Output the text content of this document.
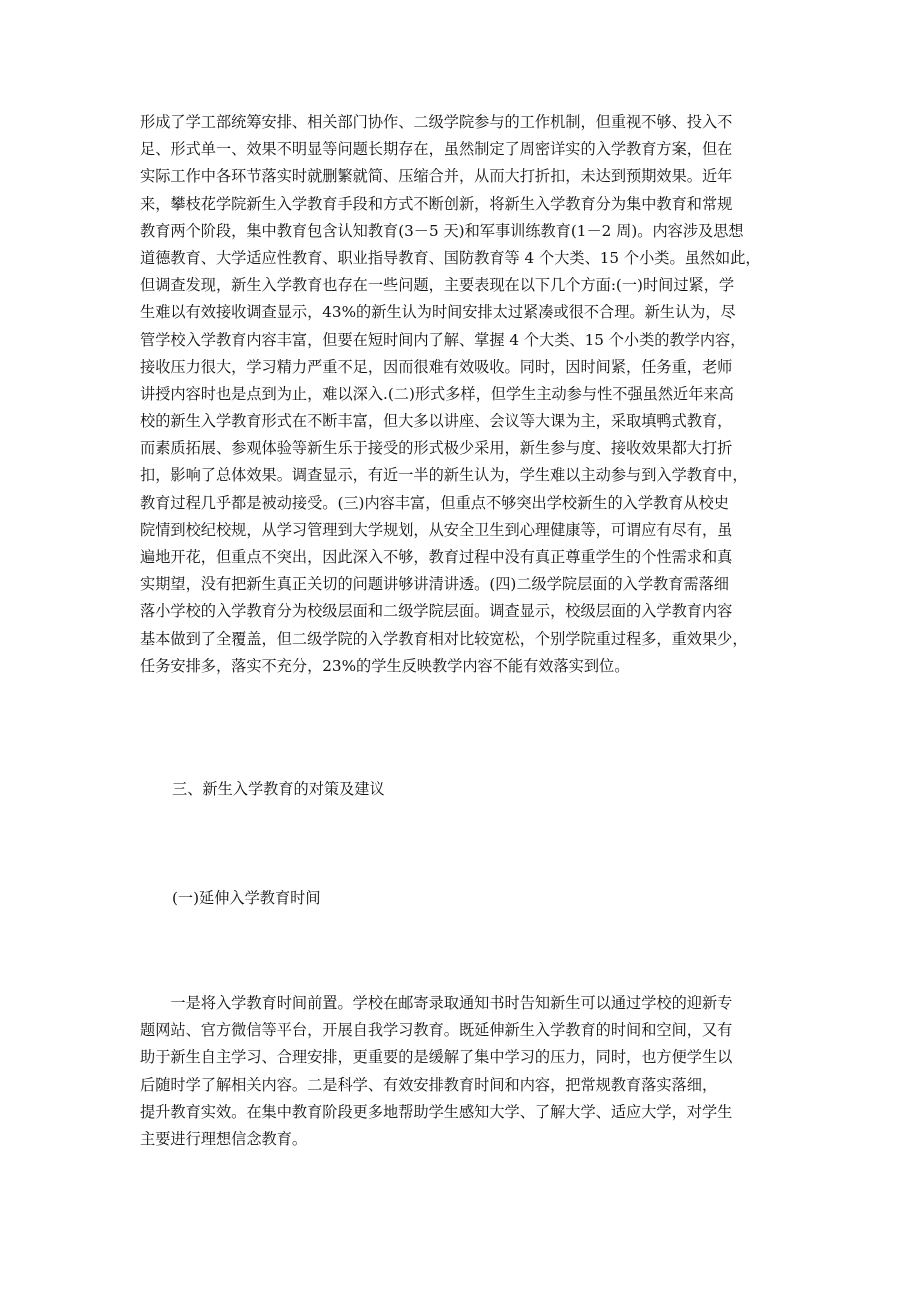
形成了学工部统筹安排、相关部门协作、二级学院参与的工作机制，但重视不够、投入不
足、形式单一、效果不明显等问题长期存在，虽然制定了周密详实的入学教育方案，但在
实际工作中各环节落实时就删繁就简、压缩合并，从而大打折扣，未达到预期效果。近年
来，攀枝花学院新生入学教育手段和方式不断创新，将新生入学教育分为集中教育和常规
教育两个阶段，集中教育包含认知教育(3－5 天)和军事训练教育(1－2 周)。内容涉及思想
道德教育、大学适应性教育、职业指导教育、国防教育等 4 个大类、15 个小类。虽然如此，
但调查发现，新生入学教育也存在一些问题，主要表现在以下几个方面:(一)时间过紧，学
生难以有效接收调查显示，43%的新生认为时间安排太过紧凑或很不合理。新生认为，尽
管学校入学教育内容丰富，但要在短时间内了解、掌握 4 个大类、15 个小类的教学内容，
接收压力很大，学习精力严重不足，因而很难有效吸收。同时，因时间紧，任务重，老师
讲授内容时也是点到为止，难以深入.(二)形式多样，但学生主动参与性不强虽然近年来高
校的新生入学教育形式在不断丰富，但大多以讲座、会议等大课为主，采取填鸭式教育，
而素质拓展、参观体验等新生乐于接受的形式极少采用，新生参与度、接收效果都大打折
扣，影响了总体效果。调查显示，有近一半的新生认为，学生难以主动参与到入学教育中，
教育过程几乎都是被动接受。(三)内容丰富，但重点不够突出学校新生的入学教育从校史
院情到校纪校规，从学习管理到大学规划，从安全卫生到心理健康等，可谓应有尽有，虽
遍地开花，但重点不突出，因此深入不够，教育过程中没有真正尊重学生的个性需求和真
实期望，没有把新生真正关切的问题讲够讲清讲透。(四)二级学院层面的入学教育需落细
落小学校的入学教育分为校级层面和二级学院层面。调查显示，校级层面的入学教育内容
基本做到了全覆盖，但二级学院的入学教育相对比较宽松，个别学院重过程多，重效果少，
任务安排多，落实不充分，23%的学生反映教学内容不能有效落实到位。
三、新生入学教育的对策及建议
(一)延伸入学教育时间
　　一是将入学教育时间前置。学校在邮寄录取通知书时告知新生可以通过学校的迎新专
题网站、官方微信等平台，开展自我学习教育。既延伸新生入学教育的时间和空间，又有
助于新生自主学习、合理安排，更重要的是缓解了集中学习的压力，同时，也方便学生以
后随时学了解相关内容。二是科学、有效安排教育时间和内容，把常规教育落实落细，
提升教育实效。在集中教育阶段更多地帮助学生感知大学、了解大学、适应大学，对学生
主要进行理想信念教育。
